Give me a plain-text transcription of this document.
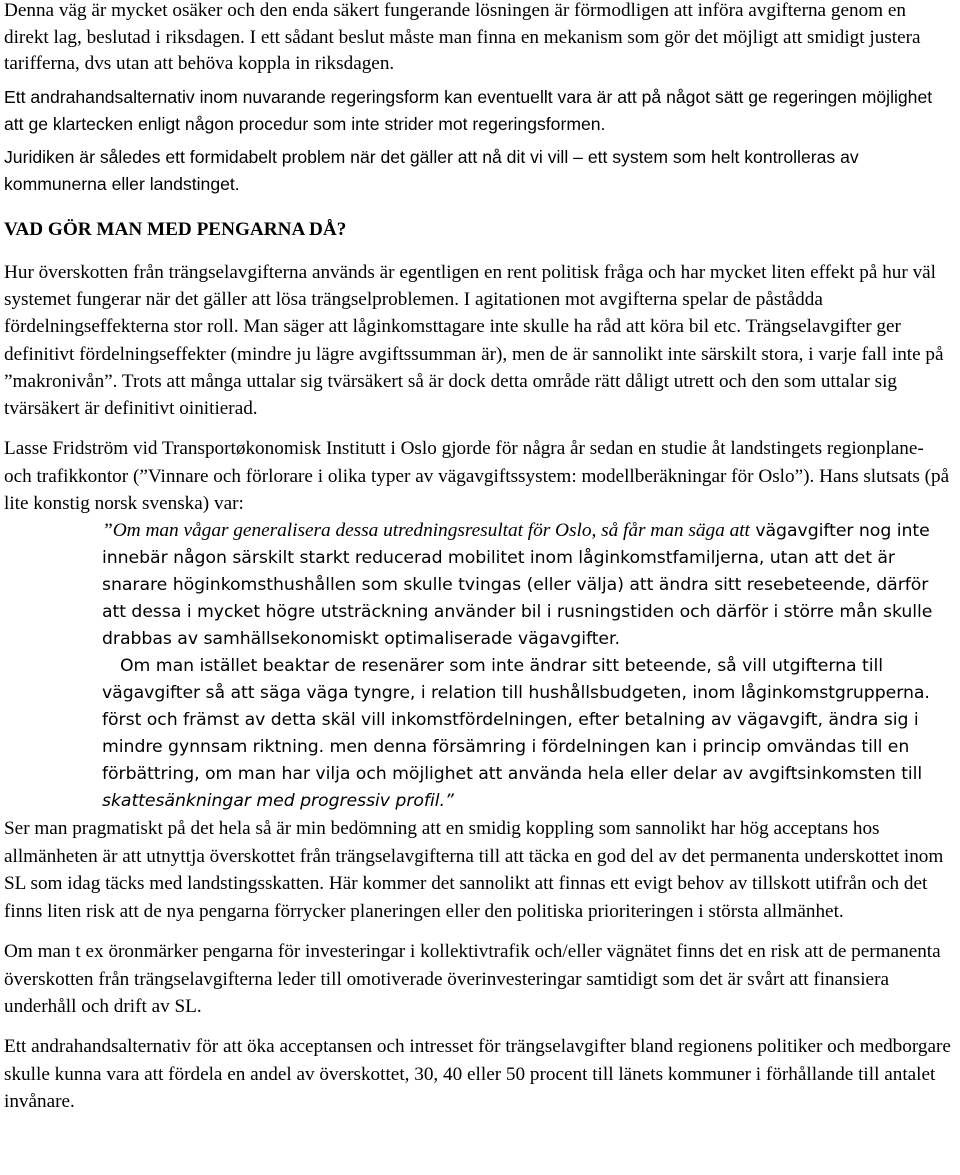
Denna väg är mycket osäker och den enda säkert fungerande lösningen är förmodligen att införa avgifterna genom en direkt lag, beslutad i riksdagen. I ett sådant beslut måste man finna en mekanism som gör det möjligt att smidigt justera tarifferna, dvs utan att behöva koppla in riksdagen.

Ett andrahandsalternativ inom nuvarande regeringsform kan eventuellt vara är att på något sätt ge regeringen möjlighet att ge klartecken enligt någon procedur som inte strider mot regeringsformen.

Juridiken är således ett formidabelt problem när det gäller att nå dit vi vill – ett system som helt kontrolleras av kommunerna eller landstinget.

VAD GÖR MAN MED PENGARNA DÅ?

Hur överskotten från trängselavgifterna används är egentligen en rent politisk fråga och har mycket liten effekt på hur väl systemet fungerar när det gäller att lösa trängselproblemen. I agitationen mot avgifterna spelar de påstådda fördelningseffekterna stor roll. Man säger att låginkomsttagare inte skulle ha råd att köra bil etc. Trängselavgifter ger definitivt fördelningseffekter (mindre ju lägre avgiftssumman är), men de är sannolikt inte särskilt stora, i varje fall inte på ”makronivån”. Trots att många uttalar sig tvärsäkert så är dock detta område rätt dåligt utrett och den som uttalar sig tvärsäkert är definitivt oinitierad.

Lasse Fridström vid Transportøkonomisk Institutt i Oslo gjorde för några år sedan en studie åt landstingets regionplane- och trafikkontor (”Vinnare och förlorare i olika typer av vägavgiftssystem: modellberäkningar för Oslo”). Hans slutsats (på lite konstig norsk svenska) var:

”Om man vågar generalisera dessa utredningsresultat för Oslo, så får man säga att vägavgifter nog inte innebär någon särskilt starkt reducerad mobilitet inom låginkomstfamiljerna, utan att det är snarare höginkomsthushållen som skulle tvingas (eller välja) att ändra sitt resebeteende, därför att dessa i mycket högre utsträckning använder bil i rusningstiden och därför i större mån skulle drabbas av samhällsekonomiskt optimaliserade vägavgifter.

Om man istället beaktar de resenärer som inte ändrar sitt beteende, så vill utgifterna till vägavgifter så att säga väga tyngre, i relation till hushållsbudgeten, inom låginkomstgrupperna. först och främst av detta skäl vill inkomstfördelningen, efter betalning av vägavgift, ändra sig i mindre gynnsam riktning. men denna försämring i fördelningen kan i princip omvändas till en förbättring, om man har vilja och möjlighet att använda hela eller delar av avgiftsinkomsten till skattesänkningar med progressiv profil.”

Ser man pragmatiskt på det hela så är min bedömning att en smidig koppling som sannolikt har hög acceptans hos allmänheten är att utnyttja överskottet från trängselavgifterna till att täcka en god del av det permanenta underskottet inom SL som idag täcks med landstingsskatten. Här kommer det sannolikt att finnas ett evigt behov av tillskott utifrån och det finns liten risk att de nya pengarna förrycker planeringen eller den politiska prioriteringen i största allmänhet.

Om man t ex öronmärker pengarna för investeringar i kollektivtrafik och/eller vägnätet finns det en risk att de permanenta överskotten från trängselavgifterna leder till omotiverade överinvesteringar samtidigt som det är svårt att finansiera underhåll och drift av SL.

Ett andrahandsalternativ för att öka acceptansen och intresset för trängselavgifter bland regionens politiker och medborgare skulle kunna vara att fördela en andel av överskottet, 30, 40 eller 50 procent till länets kommuner i förhållande till antalet invånare.
